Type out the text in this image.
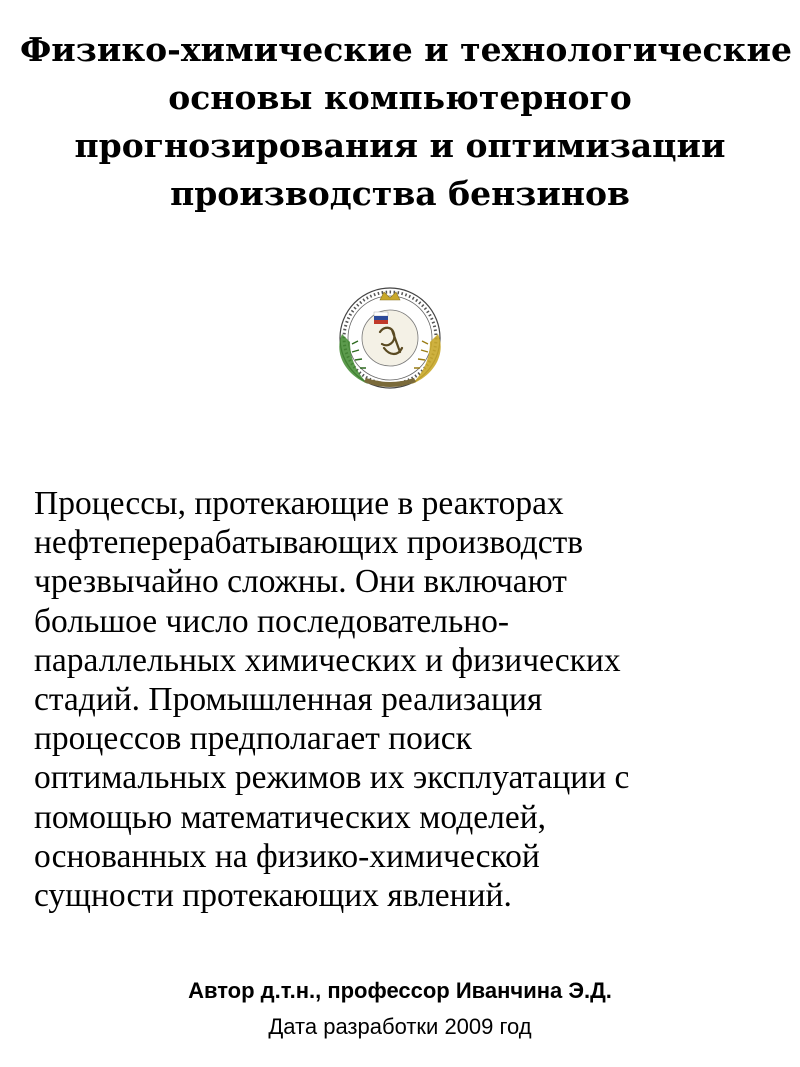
Физико-химические и технологические
основы компьютерного
прогнозирования и оптимизации
производства бензинов

Процессы, протекающие в реакторах
нефтеперерабатывающих производств
чрезвычайно сложны. Они включают
большое число последовательно-
параллельных химических и физических
стадий. Промышленная реализация
процессов предполагает поиск
оптимальных режимов их эксплуатации с
помощью математических моделей,
основанных на физико-химической
сущности протекающих явлений.

Автор д.т.н., профессор Иванчина Э.Д.
Дата разработки 2009 год
